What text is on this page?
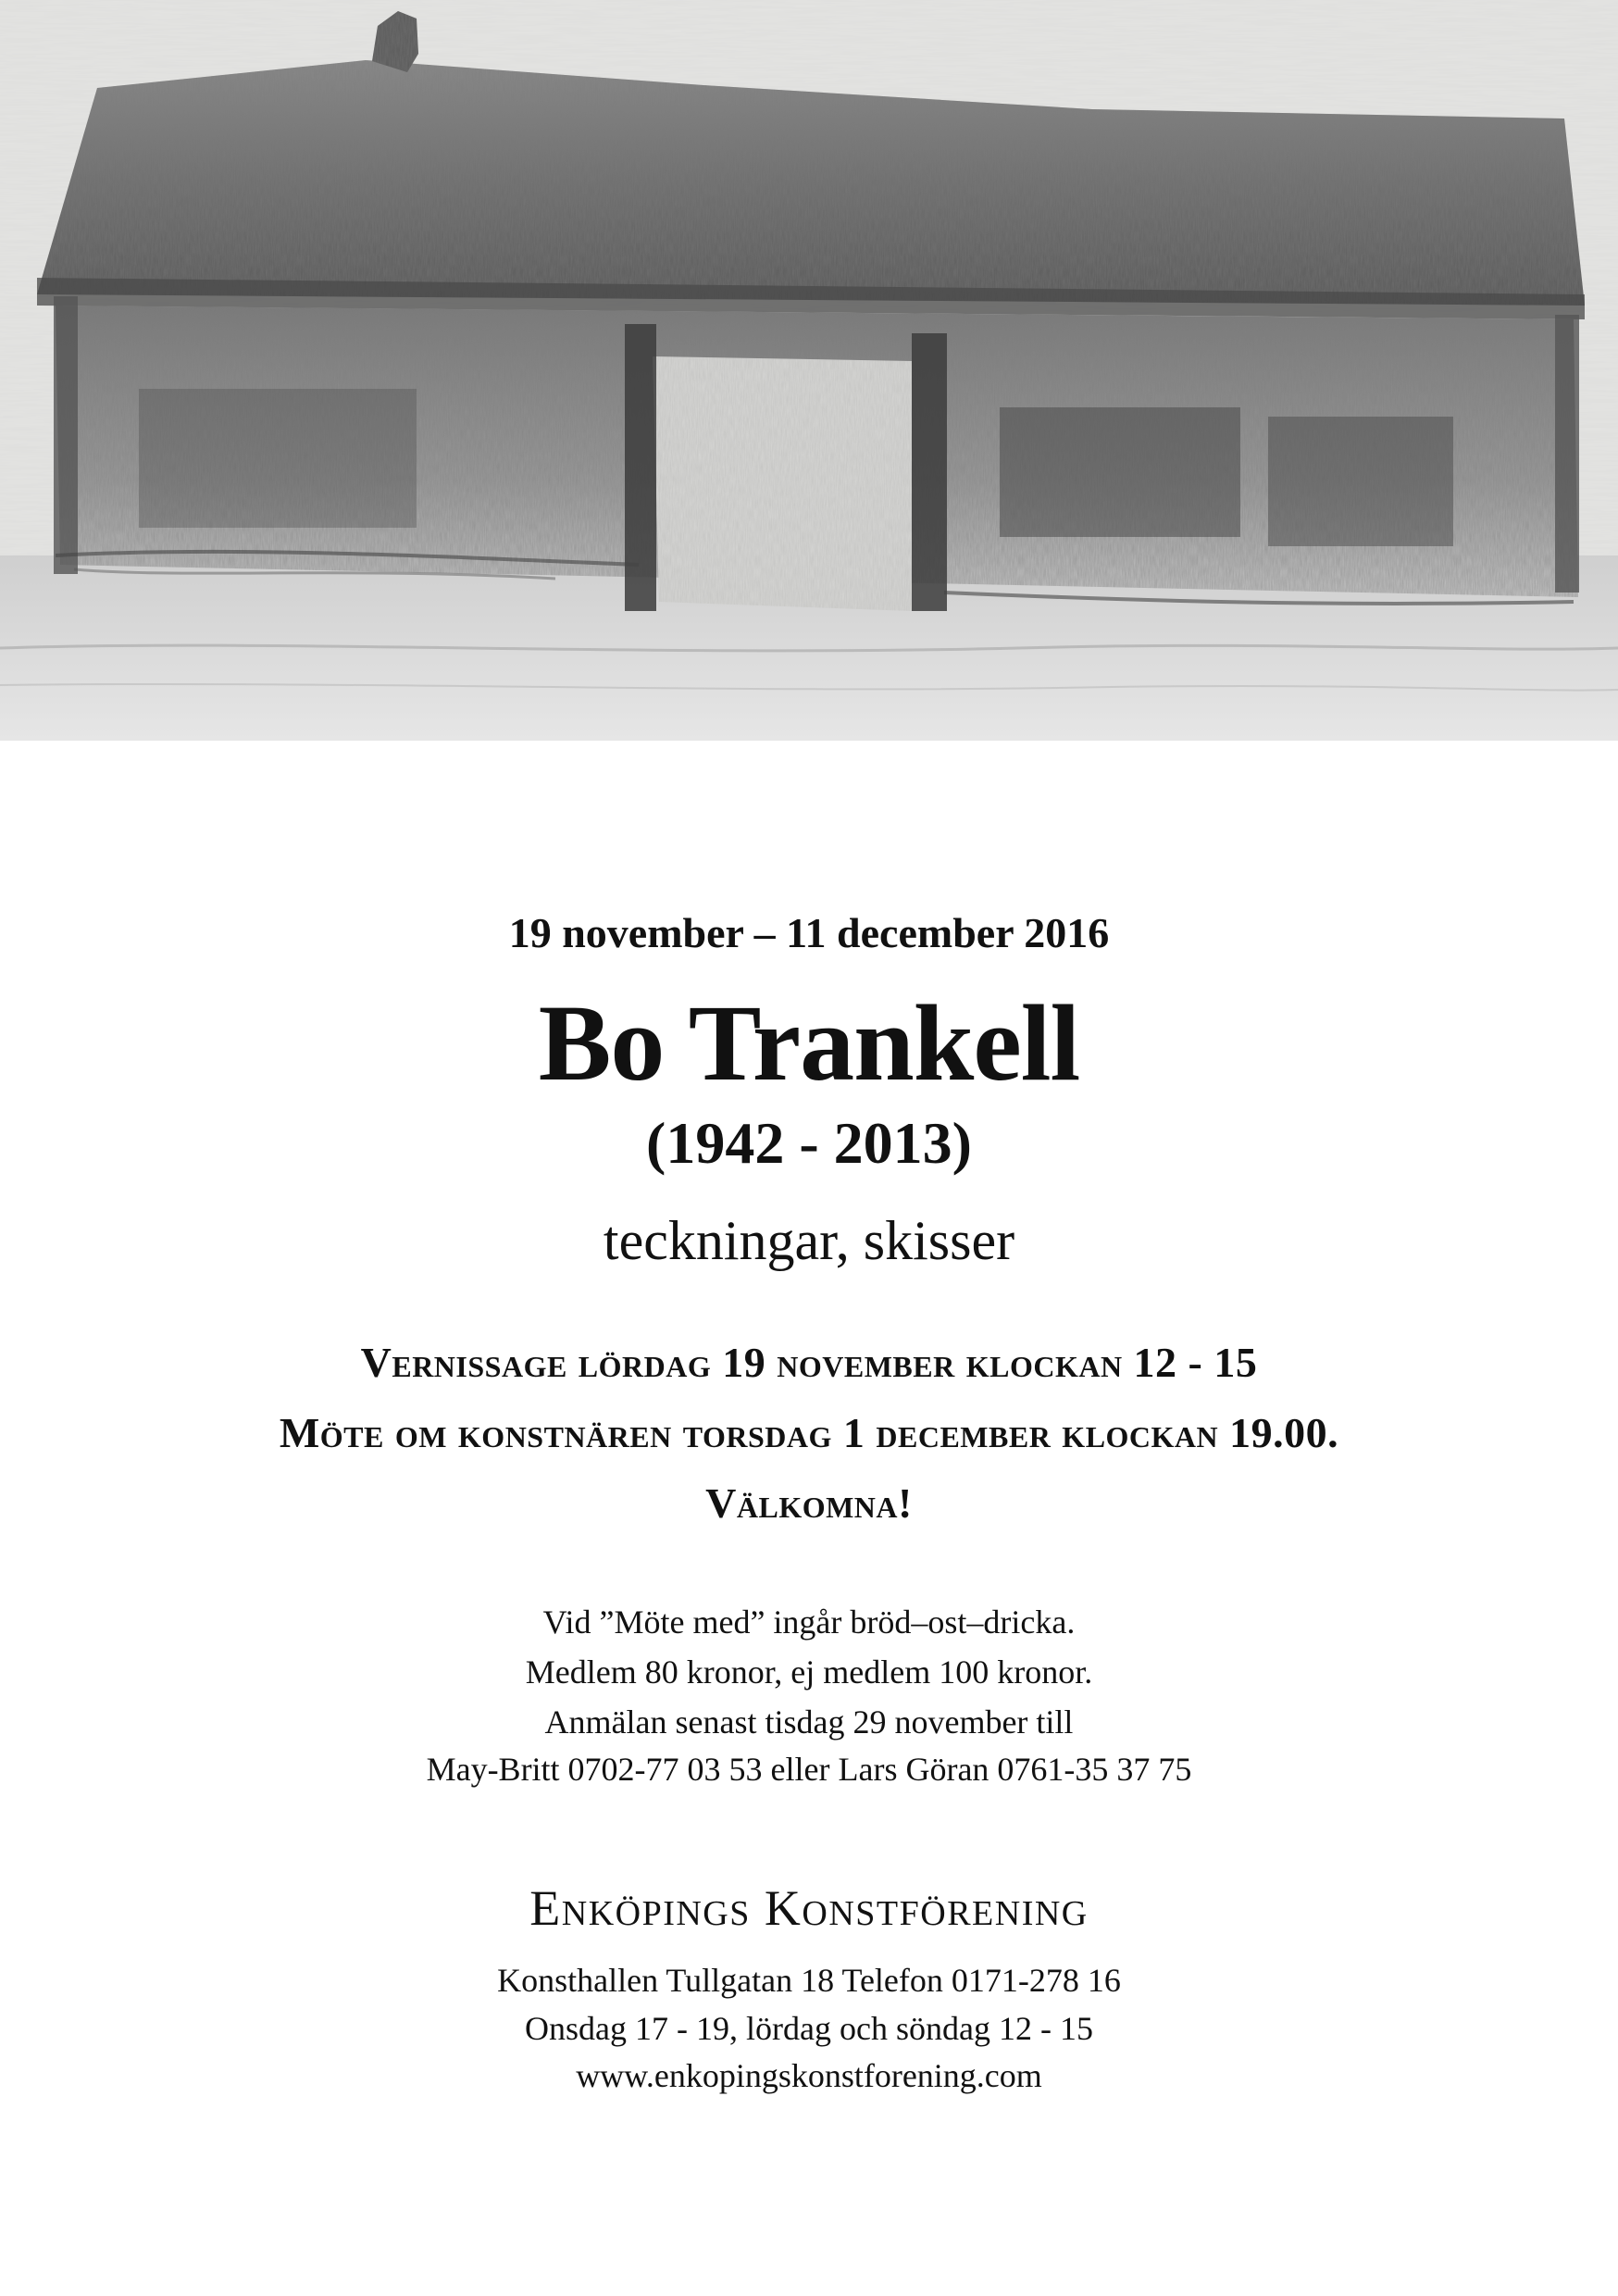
19 november – 11 december 2016
Bo Trankell
(1942 - 2013)
teckningar, skisser
Vernissage lördag 19 november klockan 12 - 15
Möte om konstnären torsdag 1 december klockan 19.00.
Välkomna!
Vid ”Möte med” ingår bröd–ost–dricka.
Medlem 80 kronor, ej medlem 100 kronor.
Anmälan senast tisdag 29 november till
May-Britt 0702-77 03 53 eller Lars Göran 0761-35 37 75
Enköpings Konstförening
Konsthallen Tullgatan 18 Telefon 0171-278 16
Onsdag 17 - 19, lördag och söndag 12 - 15
www.enkopingskonstforening.com
